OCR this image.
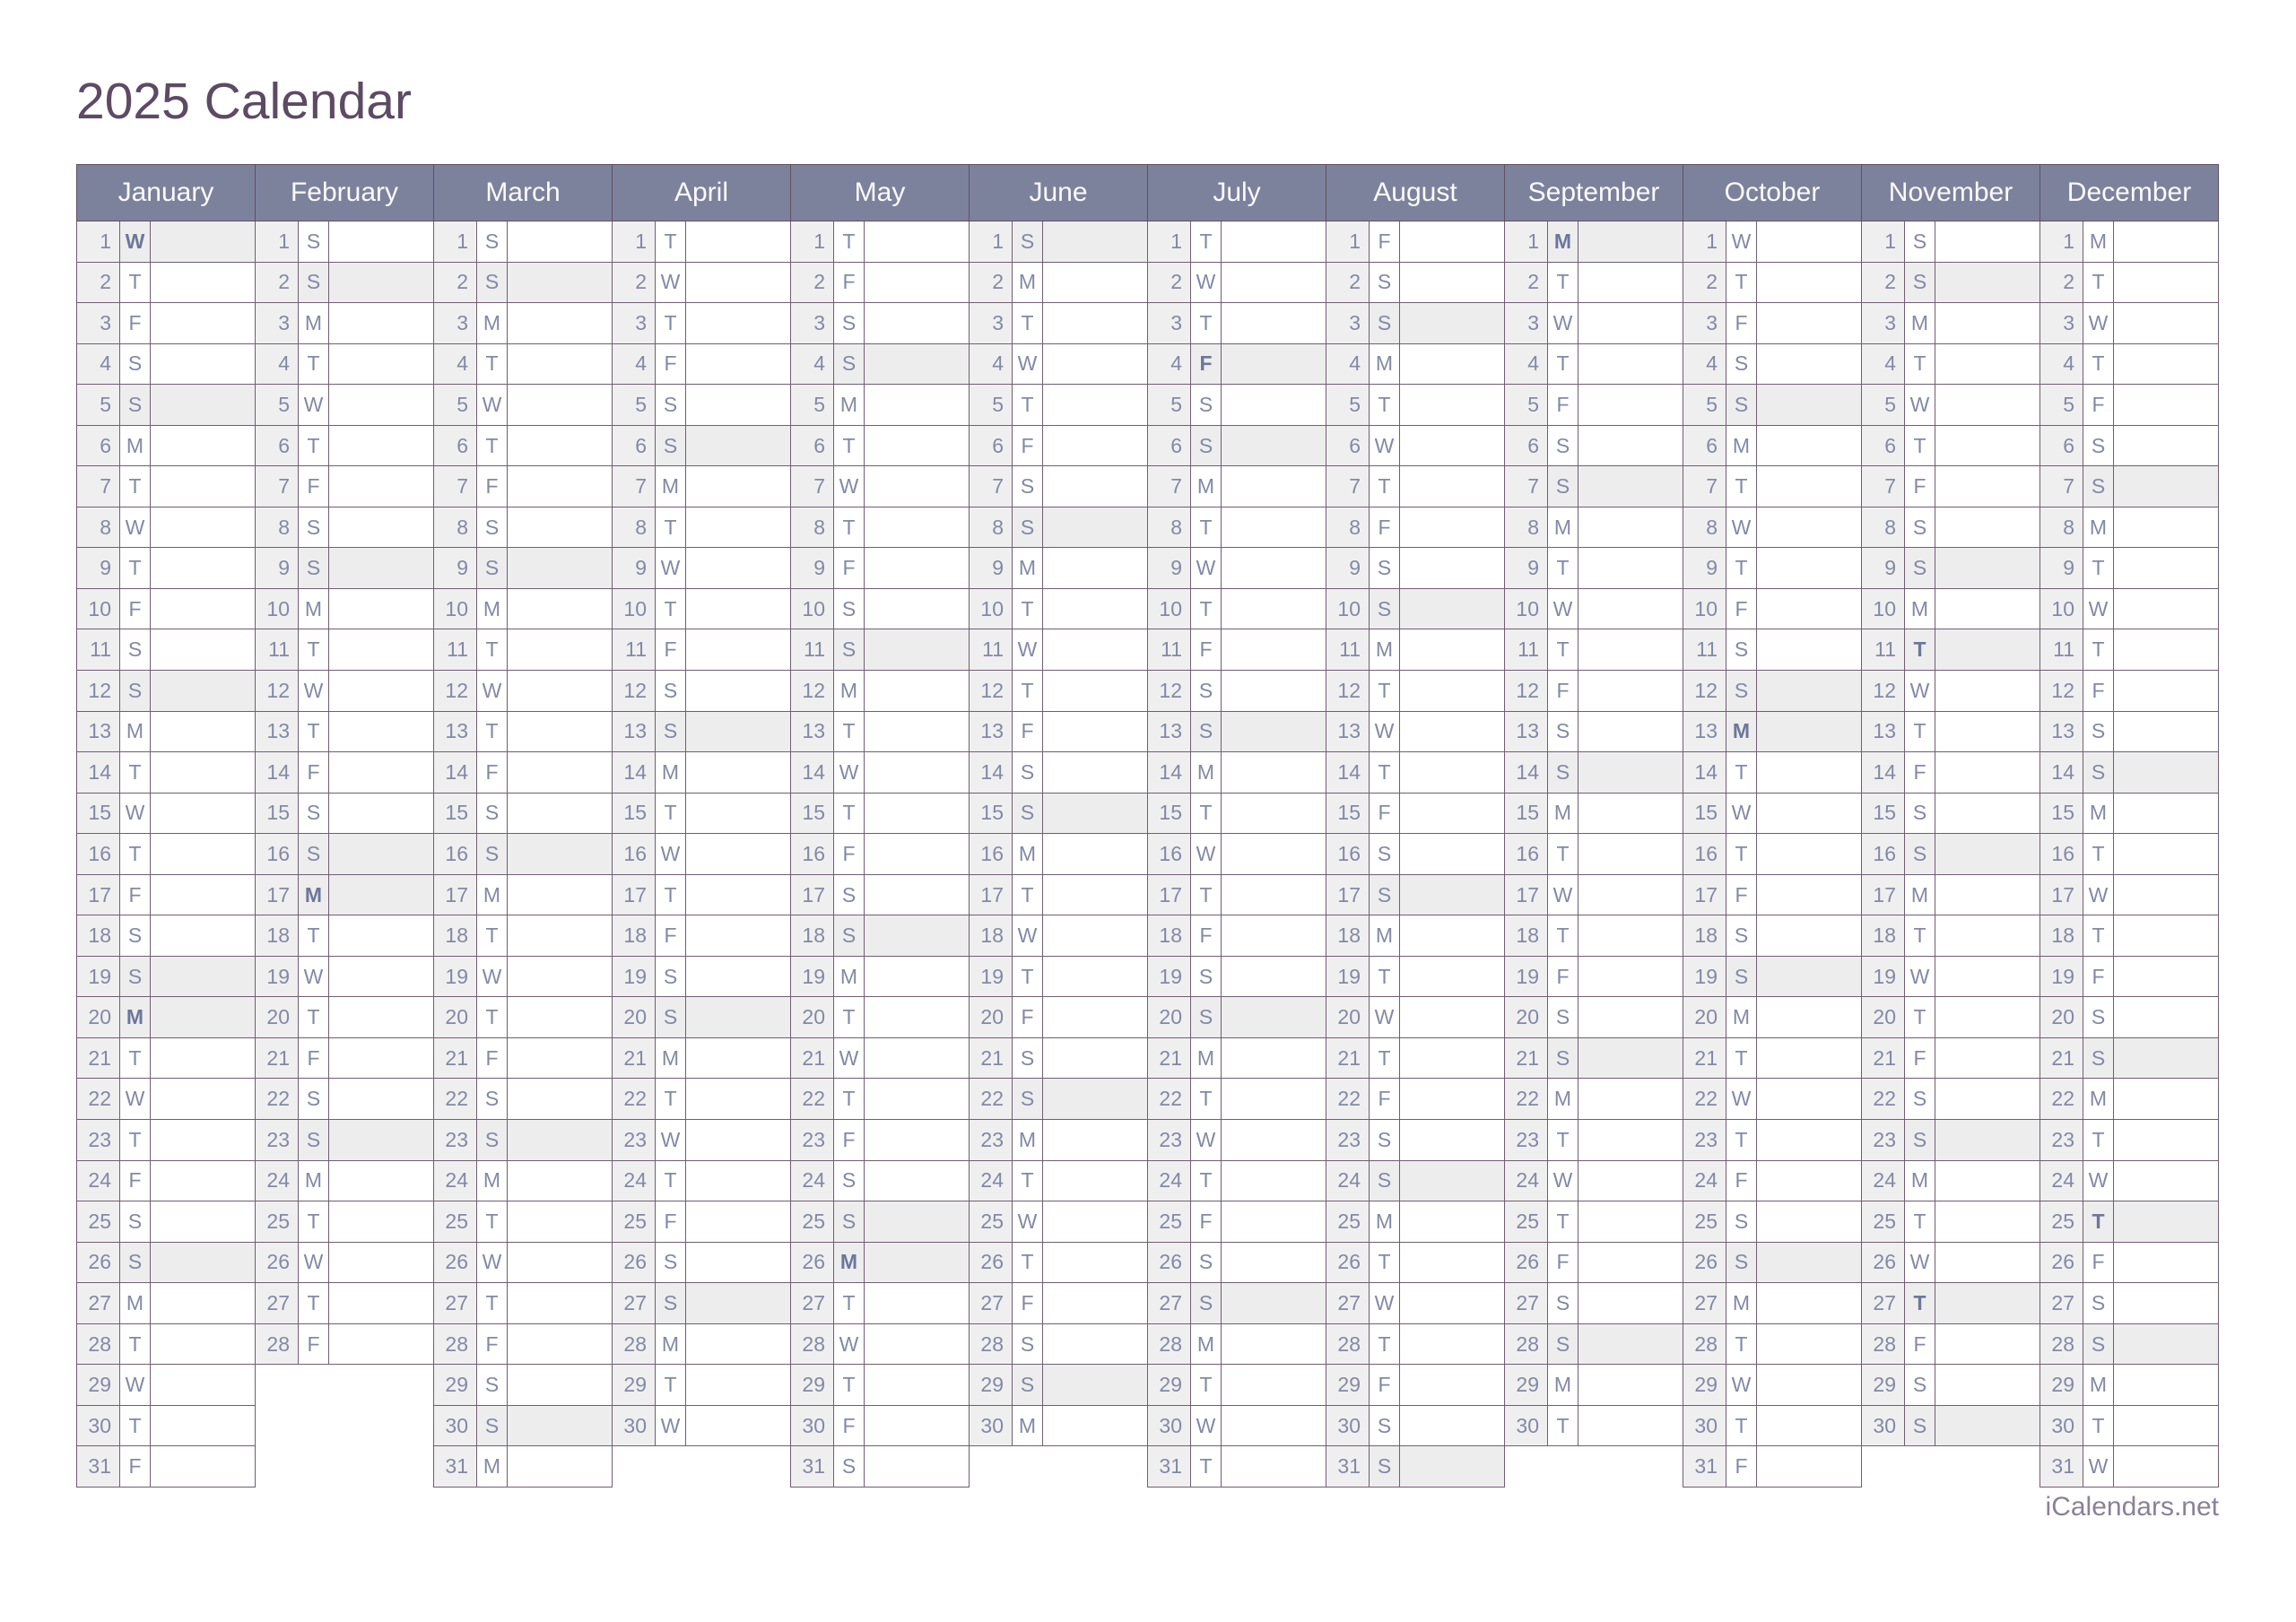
2025 Calendar
January
1 W
2 T
3 F
4 S
5 S
6 M
7 T
8 W
9 T
10 F
11 S
12 S
13 M
14 T
15 W
16 T
17 F
18 S
19 S
20 M
21 T
22 W
23 T
24 F
25 S
26 S
27 M
28 T
29 W
30 T
31 F
February
1 S
2 S
3 M
4 T
5 W
6 T
7 F
8 S
9 S
10 M
11 T
12 W
13 T
14 F
15 S
16 S
17 M
18 T
19 W
20 T
21 F
22 S
23 S
24 M
25 T
26 W
27 T
28 F
March
1 S
2 S
3 M
4 T
5 W
6 T
7 F
8 S
9 S
10 M
11 T
12 W
13 T
14 F
15 S
16 S
17 M
18 T
19 W
20 T
21 F
22 S
23 S
24 M
25 T
26 W
27 T
28 F
29 S
30 S
31 M
April
1 T
2 W
3 T
4 F
5 S
6 S
7 M
8 T
9 W
10 T
11 F
12 S
13 S
14 M
15 T
16 W
17 T
18 F
19 S
20 S
21 M
22 T
23 W
24 T
25 F
26 S
27 S
28 M
29 T
30 W
May
1 T
2 F
3 S
4 S
5 M
6 T
7 W
8 T
9 F
10 S
11 S
12 M
13 T
14 W
15 T
16 F
17 S
18 S
19 M
20 T
21 W
22 T
23 F
24 S
25 S
26 M
27 T
28 W
29 T
30 F
31 S
June
1 S
2 M
3 T
4 W
5 T
6 F
7 S
8 S
9 M
10 T
11 W
12 T
13 F
14 S
15 S
16 M
17 T
18 W
19 T
20 F
21 S
22 S
23 M
24 T
25 W
26 T
27 F
28 S
29 S
30 M
July
1 T
2 W
3 T
4 F
5 S
6 S
7 M
8 T
9 W
10 T
11 F
12 S
13 S
14 M
15 T
16 W
17 T
18 F
19 S
20 S
21 M
22 T
23 W
24 T
25 F
26 S
27 S
28 M
29 T
30 W
31 T
August
1 F
2 S
3 S
4 M
5 T
6 W
7 T
8 F
9 S
10 S
11 M
12 T
13 W
14 T
15 F
16 S
17 S
18 M
19 T
20 W
21 T
22 F
23 S
24 S
25 M
26 T
27 W
28 T
29 F
30 S
31 S
September
1 M
2 T
3 W
4 T
5 F
6 S
7 S
8 M
9 T
10 W
11 T
12 F
13 S
14 S
15 M
16 T
17 W
18 T
19 F
20 S
21 S
22 M
23 T
24 W
25 T
26 F
27 S
28 S
29 M
30 T
October
1 W
2 T
3 F
4 S
5 S
6 M
7 T
8 W
9 T
10 F
11 S
12 S
13 M
14 T
15 W
16 T
17 F
18 S
19 S
20 M
21 T
22 W
23 T
24 F
25 S
26 S
27 M
28 T
29 W
30 T
31 F
November
1 S
2 S
3 M
4 T
5 W
6 T
7 F
8 S
9 S
10 M
11 T
12 W
13 T
14 F
15 S
16 S
17 M
18 T
19 W
20 T
21 F
22 S
23 S
24 M
25 T
26 W
27 T
28 F
29 S
30 S
December
1 M
2 T
3 W
4 T
5 F
6 S
7 S
8 M
9 T
10 W
11 T
12 F
13 S
14 S
15 M
16 T
17 W
18 T
19 F
20 S
21 S
22 M
23 T
24 W
25 T
26 F
27 S
28 S
29 M
30 T
31 W
iCalendars.net
